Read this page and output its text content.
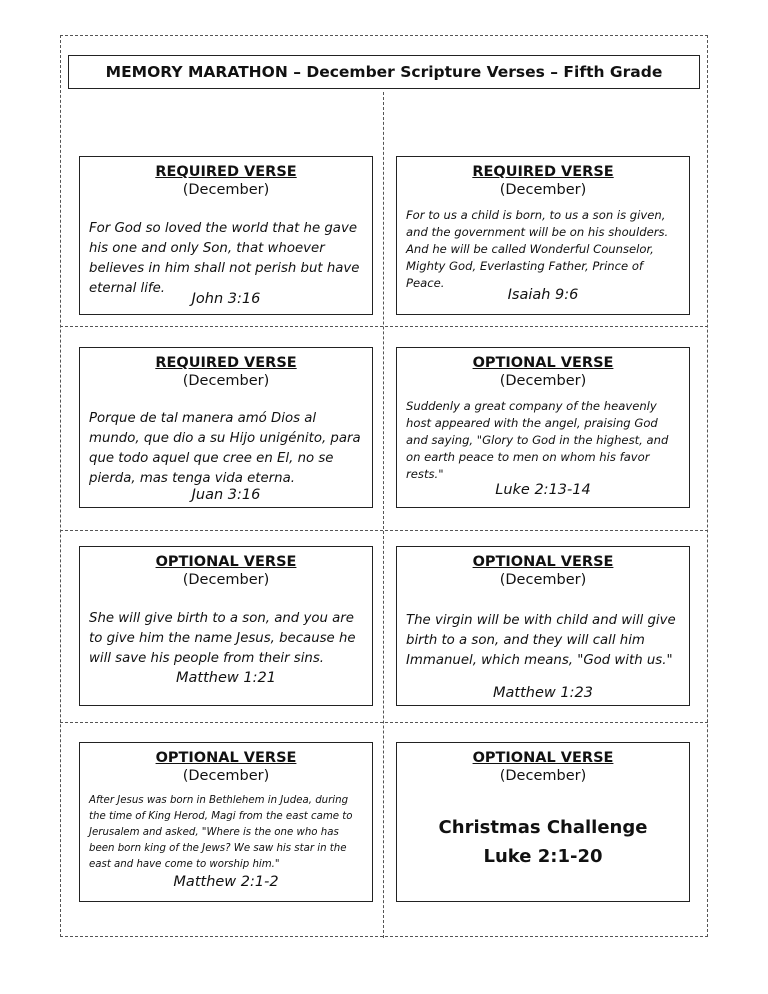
MEMORY MARATHON – December Scripture Verses – Fifth Grade
REQUIRED VERSE
(December)
For God so loved the world that he gave his one and only Son, that whoever believes in him shall not perish but have eternal life.
John 3:16
REQUIRED VERSE
(December)
For to us a child is born, to us a son is given, and the government will be on his shoulders. And he will be called Wonderful Counselor, Mighty God, Everlasting Father, Prince of Peace.
Isaiah 9:6
REQUIRED VERSE
(December)
Porque de tal manera amó Dios al mundo, que dio a su Hijo unigénito, para que todo aquel que cree en El, no se pierda, mas tenga vida eterna.
Juan 3:16
OPTIONAL VERSE
(December)
Suddenly a great company of the heavenly host appeared with the angel, praising God and saying, "Glory to God in the highest, and on earth peace to men on whom his favor rests."
Luke 2:13-14
OPTIONAL VERSE
(December)
She will give birth to a son, and you are to give him the name Jesus, because he will save his people from their sins.
Matthew 1:21
OPTIONAL VERSE
(December)
The virgin will be with child and will give birth to a son, and they will call him Immanuel, which means, "God with us."
Matthew 1:23
OPTIONAL VERSE
(December)
After Jesus was born in Bethlehem in Judea, during the time of King Herod, Magi from the east came to Jerusalem and asked, "Where is the one who has been born king of the Jews? We saw his star in the east and have come to worship him."
Matthew 2:1-2
OPTIONAL VERSE
(December)
Christmas Challenge
Luke 2:1-20
